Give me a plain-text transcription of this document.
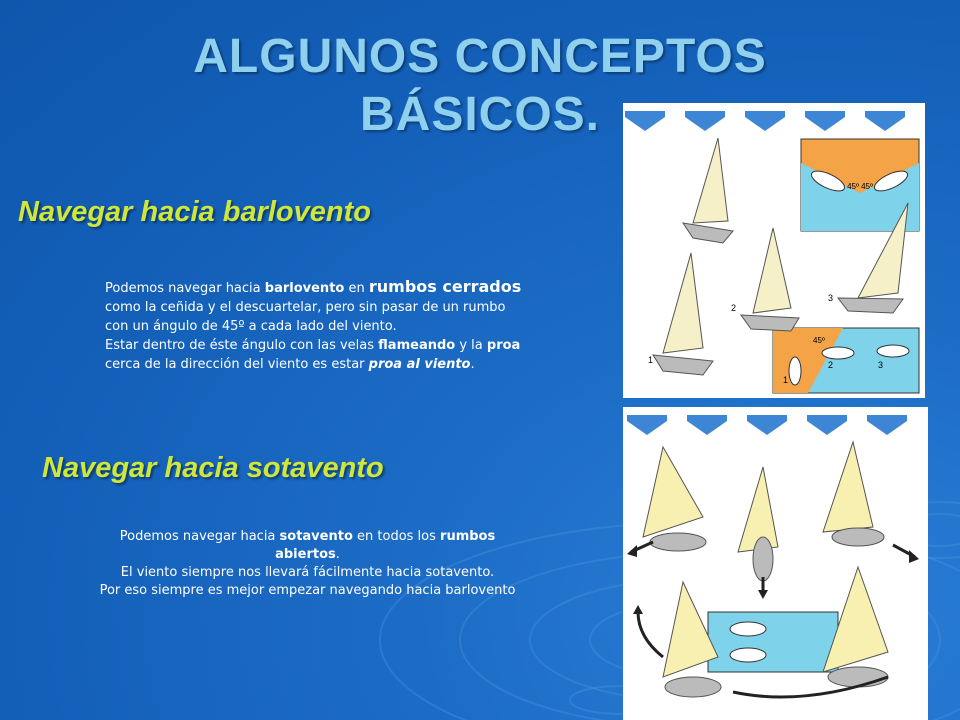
ALGUNOS CONCEPTOS
BÁSICOS.
Navegar hacia barlovento
Podemos navegar hacia barlovento en rumbos cerrados como la ceñida y el descuartelar, pero sin pasar de un rumbo con un ángulo de 45º a cada lado del viento.
Estar dentro de éste ángulo con las velas flameando y la proa cerca de la dirección del viento es estar proa al viento.
Navegar hacia sotavento
Podemos navegar hacia sotavento en todos los rumbos abiertos.
El viento siempre nos llevará fácilmente hacia sotavento.
Por eso siempre es mejor empezar navegando hacia barlovento
45º 45º
45º
1
2
3
1
2	3
